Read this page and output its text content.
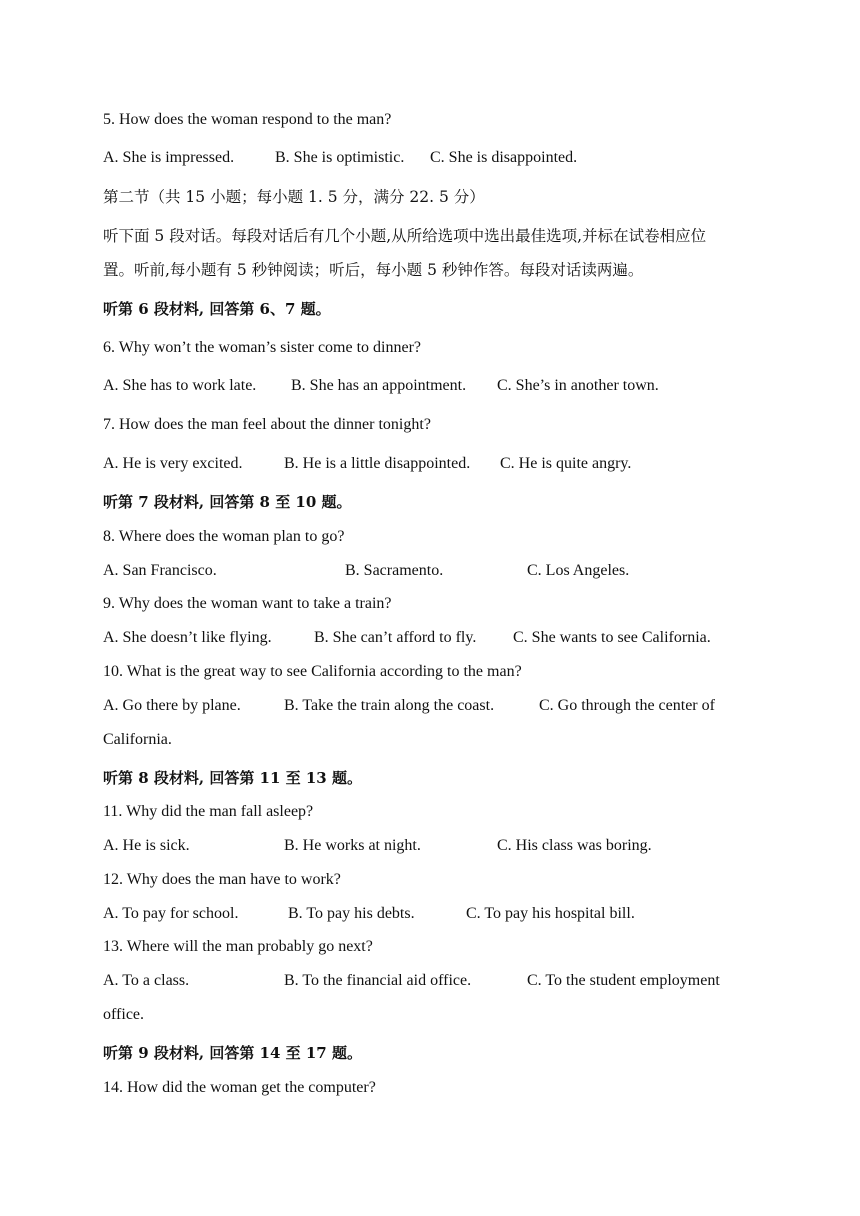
5. How does the woman respond to the man?
A. She is impressed.	B. She is optimistic. C. She is disappointed.
第二节（共 15 小题；每小题 1. 5 分，满分 22. 5 分）
听下面 5 段对话。每段对话后有几个小题,从所给选项中选出最佳选项,并标在试卷相应位
置。听前,每小题有 5 秒钟阅读；听后，每小题 5 秒钟作答。每段对话读两遍。
听第 6 段材料, 回答第 6、7 题。
6. Why won’t the woman’s sister come to dinner?
A. She has to work late. B. She has an appointment. C. She’s in another town.
7. How does the man feel about the dinner tonight?
A. He is very excited.	B. He is a little disappointed. C. He is quite angry.
听第 7 段材料, 回答第 8 至 10 题。
8. Where does the woman plan to go?
A. San Francisco.	B. Sacramento.	C. Los Angeles.
9. Why does the woman want to take a train?
A. She doesn’t like flying.	B. She can’t afford to fly. C. She wants to see California.
10. What is the great way to see California according to the man?
A. Go there by plane.	B. Take the train along the coast.	C. Go through the center of
California.
听第 8 段材料, 回答第 11 至 13 题。
11. Why did the man fall asleep?
A. He is sick.	B. He works at night.	C. His class was boring.
12. Why does the man have to work?
A. To pay for school.	B. To pay his debts.	C. To pay his hospital bill.
13. Where will the man probably go next?
A. To a class.	B. To the financial aid office.	C. To the student employment
office.
听第 9 段材料, 回答第 14 至 17 题。
14. How did the woman get the computer?
